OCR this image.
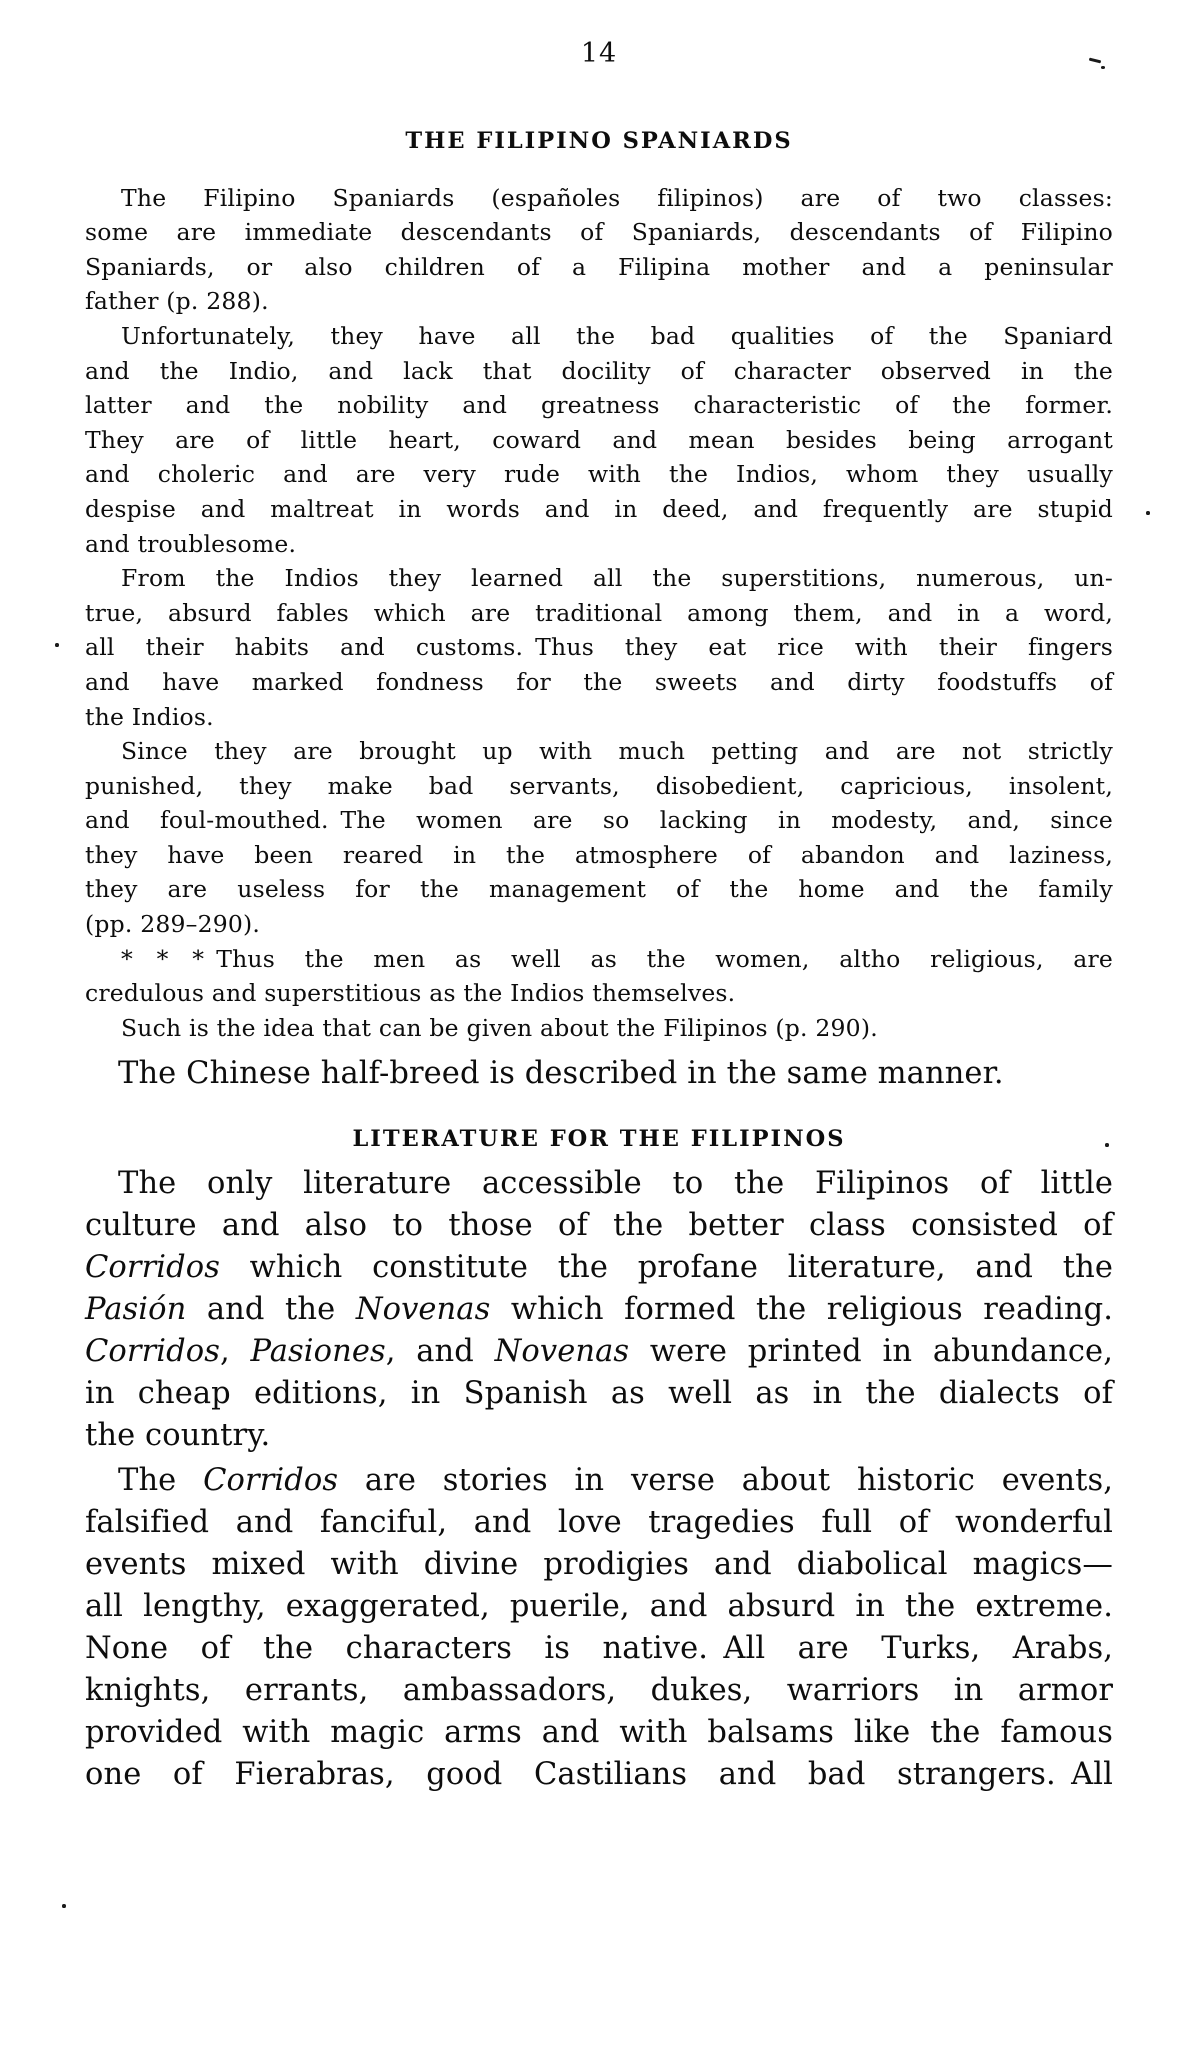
14
THE FILIPINO SPANIARDS
The Filipino Spaniards (españoles filipinos) are of two classes:
some are immediate descendants of Spaniards, descendants of Filipino
Spaniards, or also children of a Filipina mother and a peninsular
father (p. 288).
Unfortunately, they have all the bad qualities of the Spaniard
and the Indio, and lack that docility of character observed in the
latter and the nobility and greatness characteristic of the former.
They are of little heart, coward and mean besides being arrogant
and choleric and are very rude with the Indios, whom they usually
despise and maltreat in words and in deed, and frequently are stupid
and troublesome.
From the Indios they learned all the superstitions, numerous, un-
true, absurd fables which are traditional among them, and in a word,
all their habits and customs. Thus they eat rice with their fingers
and have marked fondness for the sweets and dirty foodstuffs of
the Indios.
Since they are brought up with much petting and are not strictly
punished, they make bad servants, disobedient, capricious, insolent,
and foul-mouthed. The women are so lacking in modesty, and, since
they have been reared in the atmosphere of abandon and laziness,
they are useless for the management of the home and the family
(pp. 289–290).
* * * Thus the men as well as the women, altho religious, are
credulous and superstitious as the Indios themselves.
Such is the idea that can be given about the Filipinos (p. 290).
The Chinese half-breed is described in the same manner.
LITERATURE FOR THE FILIPINOS
The only literature accessible to the Filipinos of little
culture and also to those of the better class consisted of
Corridos which constitute the profane literature, and the
Pasión and the Novenas which formed the religious reading.
Corridos, Pasiones, and Novenas were printed in abundance,
in cheap editions, in Spanish as well as in the dialects of
the country.
The Corridos are stories in verse about historic events,
falsified and fanciful, and love tragedies full of wonderful
events mixed with divine prodigies and diabolical magics—
all lengthy, exaggerated, puerile, and absurd in the extreme.
None of the characters is native. All are Turks, Arabs,
knights, errants, ambassadors, dukes, warriors in armor
provided with magic arms and with balsams like the famous
one of Fierabras, good Castilians and bad strangers. All
